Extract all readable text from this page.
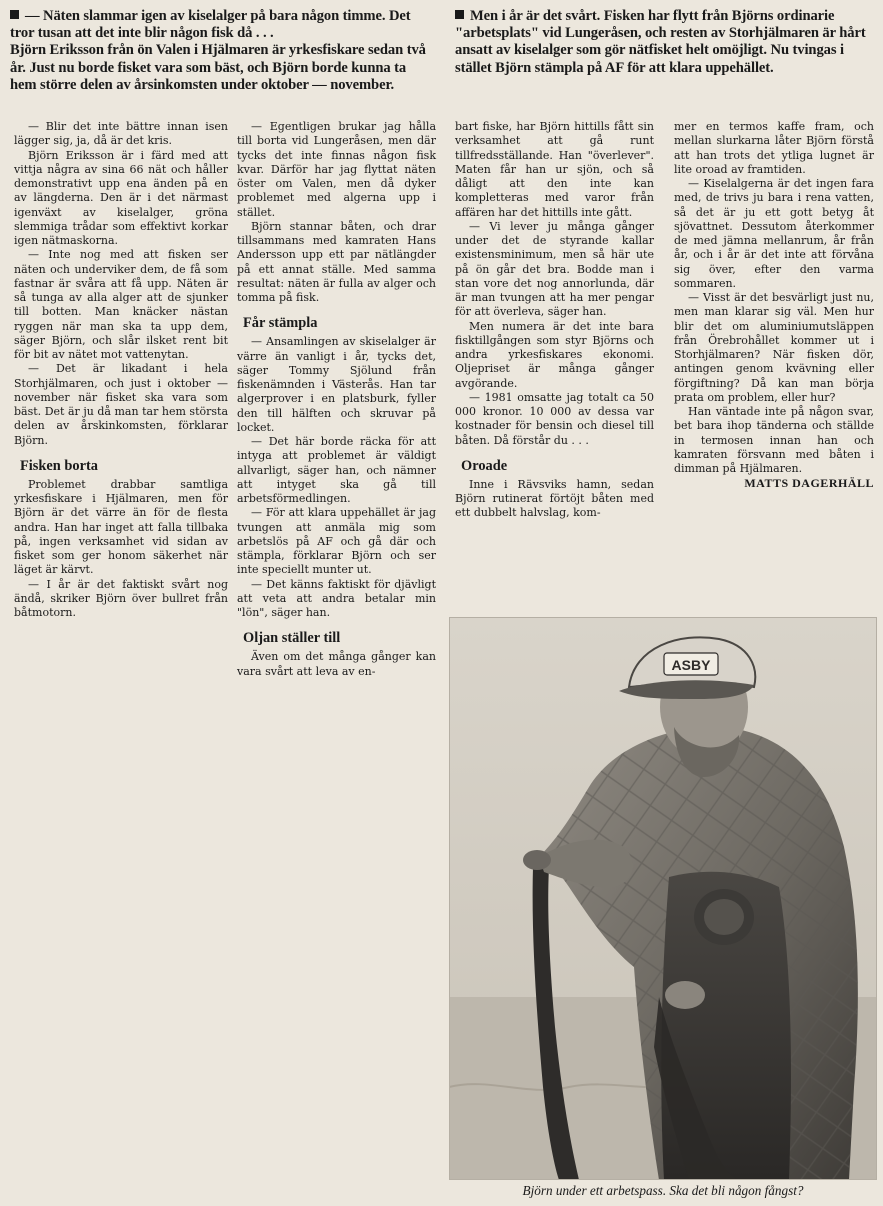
— Näten slammar igen av kiselalger på bara någon timme. Det tror tusan att det inte blir någon fisk då . . .

Björn Eriksson från ön Valen i Hjälmaren är yrkesfiskare sedan två år. Just nu borde fisket vara som bäst, och Björn borde kunna ta hem större delen av årsinkomsten under oktober — november.

Men i år är det svårt. Fisken har flytt från Björns ordinarie "arbetsplats" vid Lungeråsen, och resten av Storhjälmaren är hårt ansatt av kiselalger som gör nätfisket helt omöjligt. Nu tvingas i stället Björn stämpla på AF för att klara uppehället.

— Blir det inte bättre innan isen lägger sig, ja, då är det kris.

Björn Eriksson är i färd med att vittja några av sina 66 nät och håller demonstrativt upp ena änden på en av längderna. Den är i det närmast igenväxt av kiselalger, gröna slemmiga trådar som effektivt korkar igen nätmaskorna.

— Inte nog med att fisken ser näten och underviker dem, de få som fastnar är svåra att få upp. Näten är så tunga av alla alger att de sjunker till botten. Man knäcker nästan ryggen när man ska ta upp dem, säger Björn, och slår ilsket rent bit för bit av nätet mot vattenytan.

— Det är likadant i hela Storhjälmaren, och just i oktober — november när fisket ska vara som bäst. Det är ju då man tar hem största delen av årskinkomsten, förklarar Björn.

Fisken borta

Problemet drabbar samtliga yrkesfiskare i Hjälmaren, men för Björn är det värre än för de flesta andra. Han har inget att falla tillbaka på, ingen verksamhet vid sidan av fisket som ger honom säkerhet när läget är kärvt.

— I år är det faktiskt svårt nog ändå, skriker Björn över bullret från båtmotorn.

— Egentligen brukar jag hålla till borta vid Lungeråsen, men där tycks det inte finnas någon fisk kvar. Därför har jag flyttat näten öster om Valen, men då dyker problemet med algerna upp i stället.

Björn stannar båten, och drar tillsammans med kamraten Hans Andersson upp ett par nätlängder på ett annat ställe. Med samma resultat: näten är fulla av alger och tomma på fisk.

Får stämpla

— Ansamlingen av skiselalger är värre än vanligt i år, tycks det, säger Tommy Sjölund från fiskenämnden i Västerås. Han tar algerprover i en platsburk, fyller den till hälften och skruvar på locket.

— Det här borde räcka för att intyga att problemet är väldigt allvarligt, säger han, och nämner att intyget ska gå till arbetsförmedlingen.

— För att klara uppehället är jag tvungen att anmäla mig som arbetslös på AF och gå där och stämpla, förklarar Björn och ser inte speciellt munter ut.

— Det känns faktiskt för djävligt att veta att andra betalar min "lön", säger han.

Oljan ställer till

Även om det många gånger kan vara svårt att leva av en-

bart fiske, har Björn hittills fått sin verksamhet att gå runt tillfredsställande. Han "överlever". Maten får han ur sjön, och så dåligt att den inte kan kompletteras med varor från affären har det hittills inte gått.

— Vi lever ju många gånger under det de styrande kallar existensminimum, men så här ute på ön går det bra. Bodde man i stan vore det nog annorlunda, där är man tvungen att ha mer pengar för att överleva, säger han.

Men numera är det inte bara fisktillgången som styr Björns och andra yrkesfiskares ekonomi. Oljepriset är många gånger avgörande.

— 1981 omsatte jag totalt ca 50 000 kronor. 10 000 av dessa var kostnader för bensin och diesel till båten. Då förstår du . . .

Oroade

Inne i Rävsviks hamn, sedan Björn rutinerat förtöjt båten med ett dubbelt halvslag, kom-

mer en termos kaffe fram, och mellan slurkarna låter Björn förstå att han trots det ytliga lugnet är lite oroad av framtiden.

— Kiselalgerna är det ingen fara med, de trivs ju bara i rena vatten, så det är ju ett gott betyg åt sjövattnet. Dessutom återkommer de med jämna mellanrum, år från år, och i år är det inte att förvåna sig över, efter den varma sommaren.

— Visst är det besvärligt just nu, men man klarar sig väl. Men hur blir det om aluminiumutsläppen från Örebrohållet kommer ut i Storhjälmaren? När fisken dör, antingen genom kvävning eller förgiftning? Då kan man börja prata om problem, eller hur?

Han väntade inte på någon svar, bet bara ihop tänderna och ställde in termosen innan han och kamraten försvann med båten i dimman på Hjälmaren.

MATTS DAGERHÄLL

ASBY
Björn under ett arbetspass. Ska det bli någon fångst?
